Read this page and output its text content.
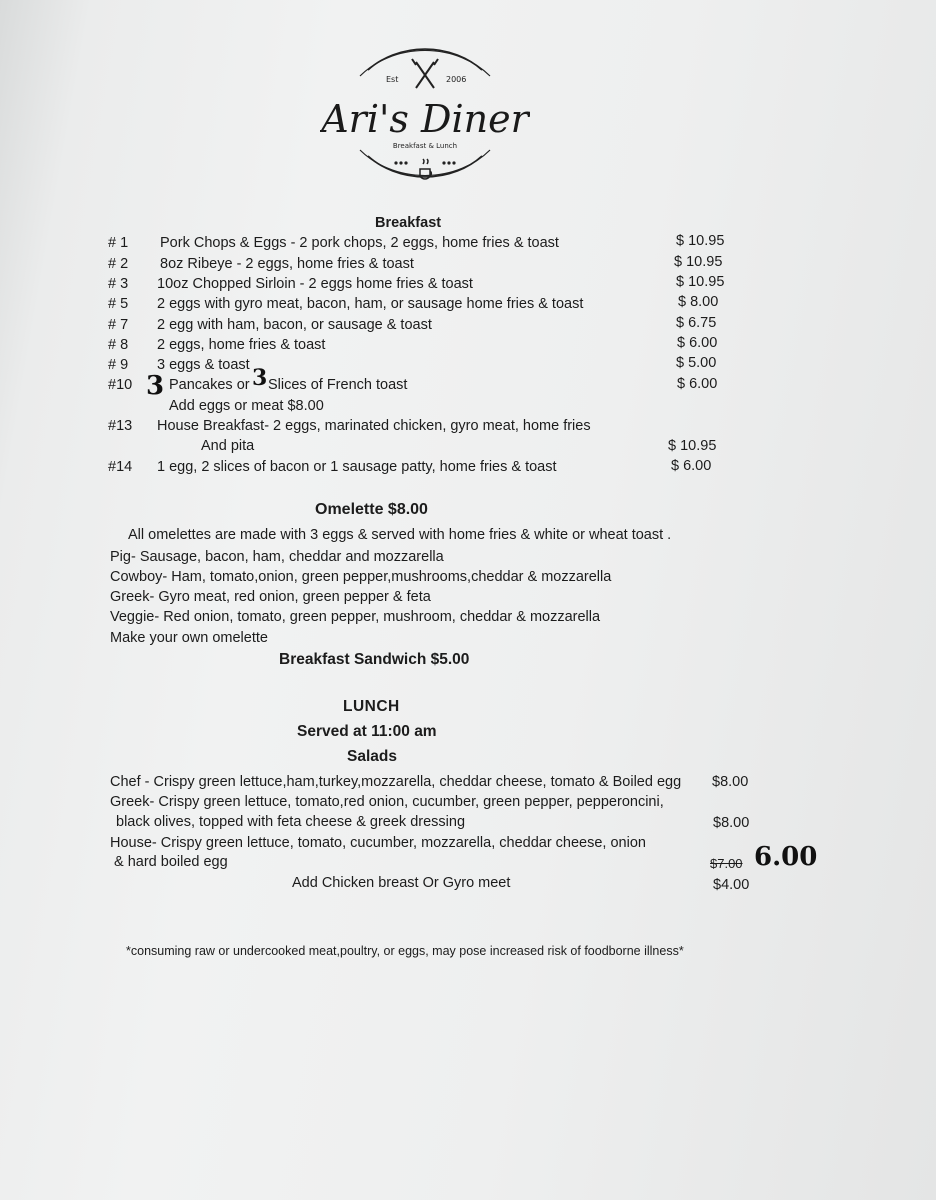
Est	2006
Ari's Diner
Breakfast & Lunch
Breakfast
# 1 Pork Chops & Eggs - 2 pork chops, 2 eggs, home fries & toast	$ 10.95
# 2 8oz Ribeye - 2 eggs, home fries & toast	$ 10.95
# 3 10oz Chopped Sirloin - 2 eggs home fries & toast	$ 10.95
# 5 2 eggs with gyro meat, bacon, ham, or sausage home fries & toast	$ 8.00
# 7 2 egg with ham, bacon, or sausage & toast	$ 6.75
# 8 2 eggs, home fries & toast	$ 6.00
# 9 3 eggs & toast	$ 5.00
#10 3 Pancakes or 3 Slices of French toast	$ 6.00
Add eggs or meat $8.00
#13 House Breakfast- 2 eggs, marinated chicken, gyro meat, home fries
And pita	$ 10.95
#14 1 egg, 2 slices of bacon or 1 sausage patty, home fries & toast	$ 6.00
Omelette $8.00
All omelettes are made with 3 eggs & served with home fries & white or wheat toast .
Pig- Sausage, bacon, ham, cheddar and mozzarella
Cowboy- Ham, tomato,onion, green pepper,mushrooms,cheddar & mozzarella
Greek- Gyro meat, red onion, green pepper & feta
Veggie- Red onion, tomato, green pepper, mushroom, cheddar & mozzarella
Make your own omelette
Breakfast Sandwich $5.00
LUNCH
Served at 11:00 am
Salads
Chef - Crispy green lettuce,ham,turkey,mozzarella, cheddar cheese, tomato & Boiled egg $8.00
Greek- Crispy green lettuce, tomato,red onion, cucumber, green pepper, pepperoncini,
black olives, topped with feta cheese & greek dressing	$8.00
House- Crispy green lettuce, tomato, cucumber, mozzarella, cheddar cheese, onion
& hard boiled egg	$7.00 6.00
Add Chicken breast Or Gyro meet	$4.00
*consuming raw or undercooked meat,poultry, or eggs, may pose increased risk of foodborne illness*
